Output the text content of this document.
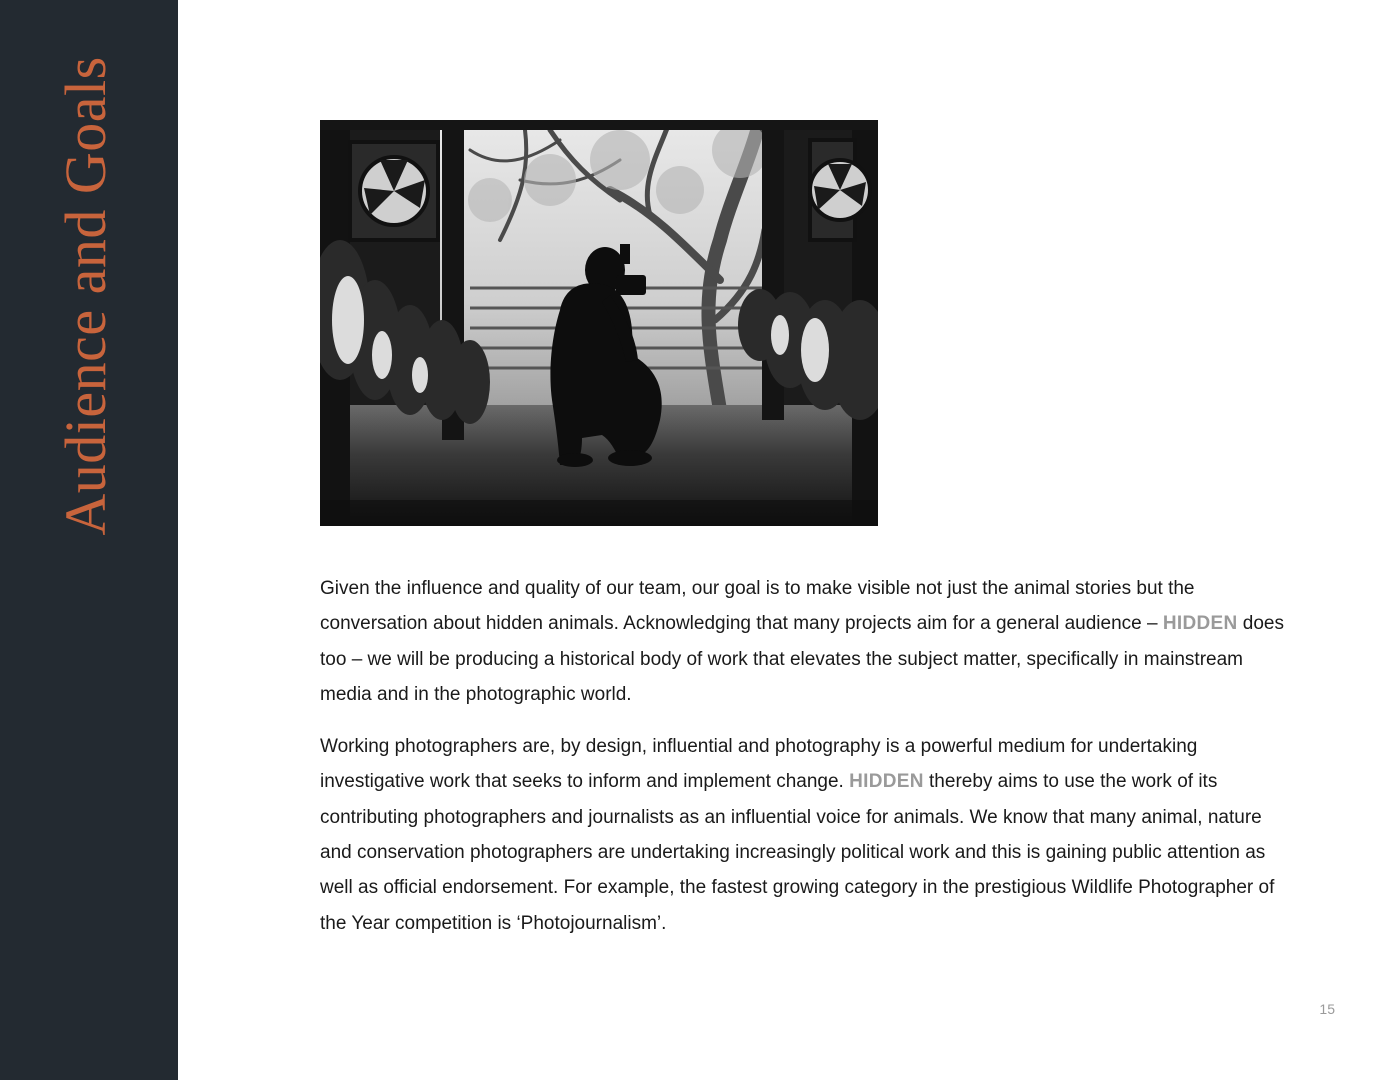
Audience and Goals

Given the influence and quality of our team, our goal is to make visible not just the animal stories but the conversation about hidden animals. Acknowledging that many projects aim for a general audience – HIDDEN does too – we will be producing a historical body of work that elevates the subject matter, specifically in mainstream media and in the photographic world.

Working photographers are, by design, influential and photography is a powerful medium for undertaking investigative work that seeks to inform and implement change. HIDDEN thereby aims to use the work of its contributing photographers and journalists as an influential voice for animals. We know that many animal, nature and conservation photographers are undertaking increasingly political work and this is gaining public attention as well as official endorsement. For example, the fastest growing category in the prestigious Wildlife Photographer of the Year competition is ‘Photojournalism’.

15
